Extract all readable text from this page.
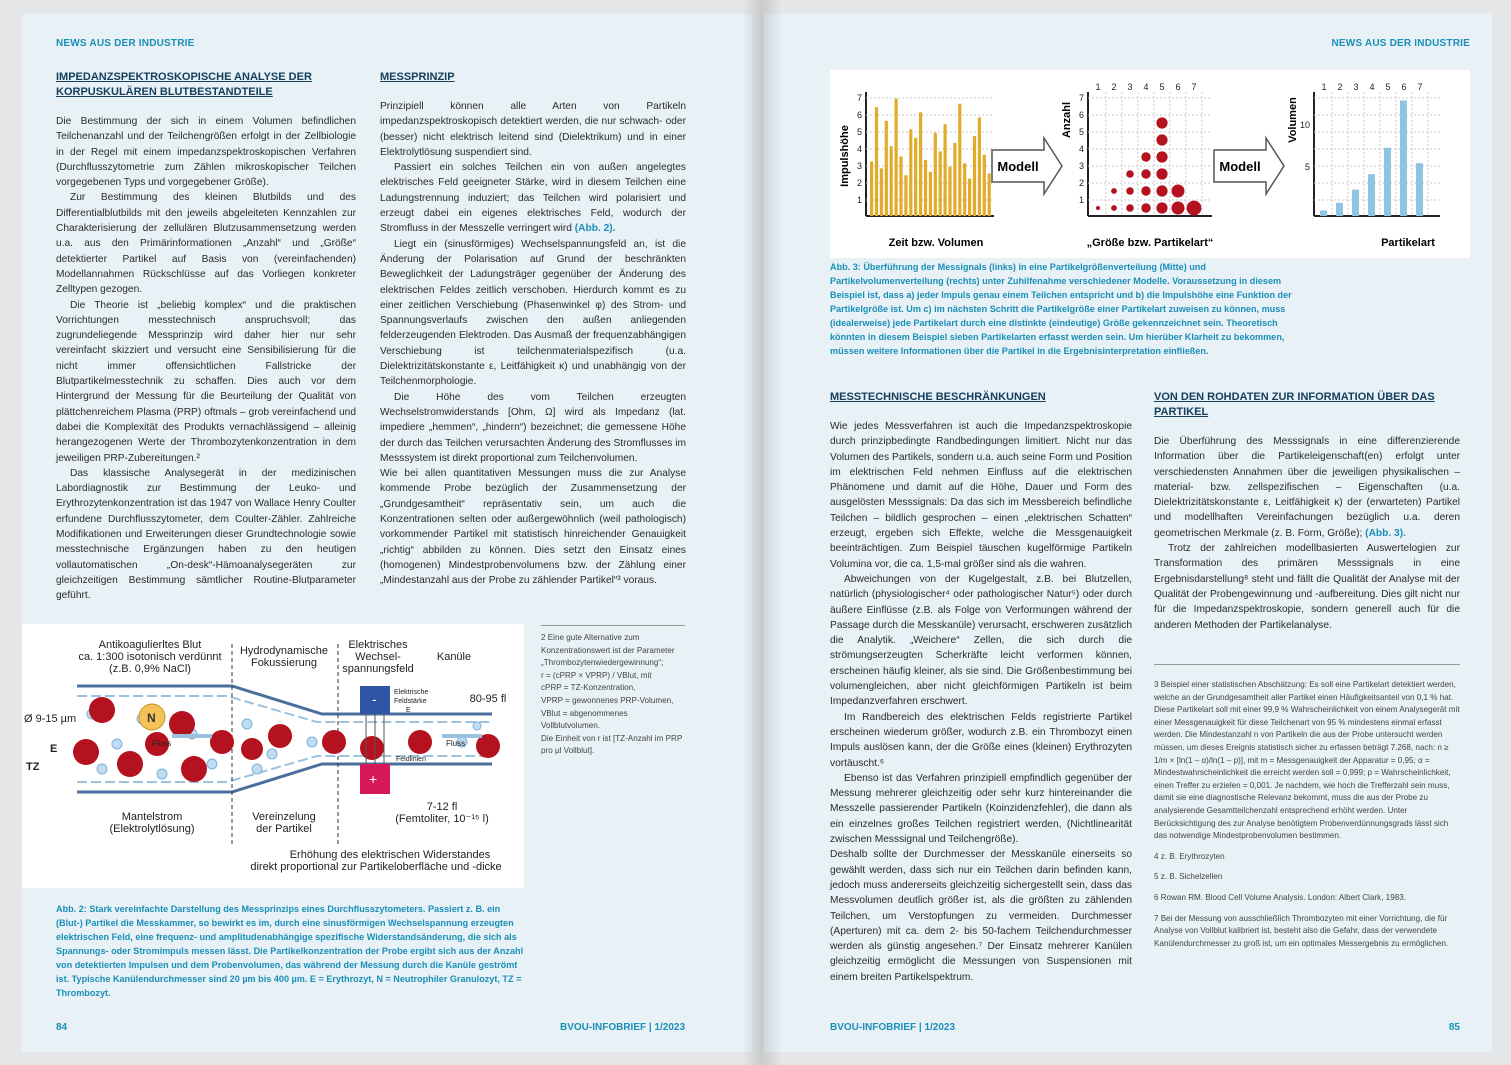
NEWS AUS DER INDUSTRIE
IMPEDANZSPEKTROSKOPISCHE ANALYSE DER KORPUSKULÄREN BLUTBESTANDTEILE

Die Bestimmung der sich in einem Volumen befindlichen Teilchenanzahl und der Teilchengrößen erfolgt in der Zellbiologie in der Regel mit einem impedanzspektroskopischen Verfahren (Durchflusszytometrie zum Zählen mikroskopischer Teilchen vorgegebenen Typs und vorgegebener Größe).

Zur Bestimmung des kleinen Blutbilds und des Differentialblutbilds mit den jeweils abgeleiteten Kennzahlen zur Charakterisierung der zellulären Blutzusammensetzung werden u.a. aus den Primärinformationen „Anzahl“ und „Größe“ detektierter Partikel auf Basis von (vereinfachenden) Modellannahmen Rückschlüsse auf das Vorliegen konkreter Zelltypen gezogen.

Die Theorie ist „beliebig komplex“ und die praktischen Vorrichtungen messtechnisch anspruchsvoll; das zugrundeliegende Messprinzip wird daher hier nur sehr vereinfacht skizziert und versucht eine Sensibilisierung für die nicht immer offensichtlichen Fallstricke der Blutpartikelmesstechnik zu schaffen. Dies auch vor dem Hintergrund der Messung für die Beurteilung der Qualität von plättchenreichem Plasma (PRP) oftmals – grob vereinfachend und dabei die Komplexität des Produkts vernachlässigend – alleinig herangezogenen Werte der Thrombozytenkonzentration in dem jeweiligen PRP-Zubereitungen.²

Das klassische Analysegerät in der medizinischen Labordiagnostik zur Bestimmung der Leuko- und Erythrozytenkonzentration ist das 1947 von Wallace Henry Coulter erfundene Durchflusszytometer, dem Coulter-Zähler. Zahlreiche Modifikationen und Erweiterungen dieser Grundtechnologie sowie messtechnische Ergänzungen haben zu den heutigen vollautomatischen „On-desk“-Hämoanalysegeräten zur gleichzeitigen Bestimmung sämtlicher Routine-Blutparameter geführt.

MESSPRINZIP

Prinzipiell können alle Arten von Partikeln impedanzspektroskopisch detektiert werden, die nur schwach- oder (besser) nicht elektrisch leitend sind (Dielektrikum) und in einer Elektrolytlösung suspendiert sind.

Passiert ein solches Teilchen ein von außen angelegtes elektrisches Feld geeigneter Stärke, wird in diesem Teilchen eine Ladungstrennung induziert; das Teilchen wird polarisiert und erzeugt dabei ein eigenes elektrisches Feld, wodurch der Stromfluss in der Messzelle verringert wird (Abb. 2).

Liegt ein (sinusförmiges) Wechselspannungsfeld an, ist die Änderung der Polarisation auf Grund der beschränkten Beweglichkeit der Ladungsträger gegenüber der Änderung des elektrischen Feldes zeitlich verschoben. Hierdurch kommt es zu einer zeitlichen Verschiebung (Phasenwinkel φ) des Strom- und Spannungsverlaufs zwischen den außen anliegenden felderzeugenden Elektroden. Das Ausmaß der frequenzabhängigen Verschiebung ist teilchenmaterialspezifisch (u.a. Dielektrizitätskonstante ε, Leitfähigkeit κ) und unabhängig von der Teilchenmorphologie.

Die Höhe des vom Teilchen erzeugten Wechselstromwiderstands [Ohm, Ω] wird als Impedanz (lat. impediere „hemmen“, „hindern“) bezeichnet; die gemessene Höhe der durch das Teilchen verursachten Änderung des Stromflusses im Messsystem ist direkt proportional zum Teilchenvolumen.

Wie bei allen quantitativen Messungen muss die zur Analyse kommende Probe bezüglich der Zusammensetzung der „Grundgesamtheit“ repräsentativ sein, um auch die Konzentrationen selten oder außergewöhnlich (weil pathologisch) vorkommender Partikel mit statistisch hinreichender Genauigkeit „richtig“ abbilden zu können. Dies setzt den Einsatz eines (homogenen) Mindestprobenvolumens bzw. der Zählung einer „Mindestanzahl aus der Probe zu zählender Partikel“³ voraus.

N
-
+
Antikoagulierltes Blut
ca. 1:300 isotonisch verdünnt
(z.B. 0,9% NaCl)
Hydrodynamische
Fokussierung
Elektrisches
Wechsel-
spannungsfeld
Kanüle
80-95 fl
7-12 fl
(Femtoliter, 10⁻¹⁵ l)
Mantelstrom
(Elektrolytlösung)
Vereinzelung
der Partikel
Erhöhung des elektrischen Widerstandes
direkt proportional zur Partikeloberfläche und -dicke
Ø 9-15 µm
E
TZ
Fluss	Fluss
Elektrische
Feldstärke
E
Feldlinien
2 Eine gute Alternative zum Konzentrationswert ist der Parameter „Thrombozytenwiedergewinnung“;
r = (cPRP × VPRP) / VBlut, mit
cPRP = TZ-Konzentration,
VPRP = gewonnenes PRP-Volumen,
VBlut = abgenommenes Vollblutvolumen.
Die Einheit von r ist [TZ-Anzahl im PRP pro µl Vollblut].
Abb. 2: Stark vereinfachte Darstellung des Messprinzips eines Durchflusszytometers. Passiert z. B. ein (Blut-) Partikel die Messkammer, so bewirkt es im, durch eine sinusförmigen Wechselspannung erzeugten elektrischen Feld, eine frequenz- und amplitudenabhängige spezifische Widerstandsänderung, die sich als Spannungs- oder Stromimpuls messen lässt. Die Partikelkonzentration der Probe ergibt sich aus der Anzahl von detektierten Impulsen und dem Probenvolumen, das während der Messung durch die Kanüle geströmt ist. Typische Kanülendurchmesser sind 20 µm bis 400 µm. E = Erythrozyt, N = Neutrophiler Granulozyt, TZ = Thrombozyt.
84	BVOU-INFOBRIEF | 1/2023
NEWS AUS DER INDUSTRIE
1
2
3
4
5
6
7
Impulshöhe
Zeit bzw. Volumen
Modell
1
2
3
4
5
6
7
1 2 3 4 5 6 7
Anzahl
„Größe bzw. Partikelart“
Modell	5
10
1 2 3 4 5 6 7
Volumen
Partikelart
Abb. 3: Überführung der Messignals (links) in eine Partikelgrößenverteilung (Mitte) und Partikelvolumenverteilung (rechts) unter Zuhilfenahme verschiedener Modelle. Voraussetzung in diesem Beispiel ist, dass a) jeder Impuls genau einem Teilchen entspricht und b) die Impulshöhe eine Funktion der Partikelgröße ist. Um c) im nächsten Schritt die Partikelgröße einer Partikelart zuweisen zu können, muss (idealerweise) jede Partikelart durch eine distinkte (eindeutige) Größe gekennzeichnet sein. Theoretisch könnten in diesem Beispiel sieben Partikelarten erfasst werden sein. Um hierüber Klarheit zu bekommen, müssen weitere Informationen über die Partikel in die Ergebnisinterpretation einfließen.
MESSTECHNISCHE BESCHRÄNKUNGEN

Wie jedes Messverfahren ist auch die Impedanzspektroskopie durch prinzipbedingte Randbedingungen limitiert. Nicht nur das Volumen des Partikels, sondern u.a. auch seine Form und Position im elektrischen Feld nehmen Einfluss auf die elektrischen Phänomene und damit auf die Höhe, Dauer und Form des ausgelösten Messsignals: Da das sich im Messbereich befindliche Teilchen – bildlich gesprochen – einen „elektrischen Schatten“ erzeugt, ergeben sich Effekte, welche die Messgenauigkeit beeinträchtigen. Zum Beispiel täuschen kugelförmige Partikeln Volumina vor, die ca. 1,5-mal größer sind als die wahren.

Abweichungen von der Kugelgestalt, z.B. bei Blutzellen, natürlich (physiologischer⁴ oder pathologischer Natur⁵) oder durch äußere Einflüsse (z.B. als Folge von Verformungen während der Passage durch die Messkanüle) verursacht, erschweren zusätzlich die Analytik. „Weichere“ Zellen, die sich durch die strömungserzeugten Scherkräfte leicht verformen können, erscheinen häufig kleiner, als sie sind. Die Größenbestimmung bei volumengleichen, aber nicht gleichförmigen Partikeln ist beim Impedanzverfahren erschwert.

Im Randbereich des elektrischen Felds registrierte Partikel erscheinen wiederum größer, wodurch z.B. ein Thrombozyt einen Impuls auslösen kann, der die Größe eines (kleinen) Erythrozyten vortäuscht.⁶

Ebenso ist das Verfahren prinzipiell empfindlich gegenüber der Messung mehrerer gleichzeitig oder sehr kurz hintereinander die Messzelle passierender Partikeln (Koinzidenzfehler), die dann als ein einzelnes großes Teilchen registriert werden, (Nichtlinearität zwischen Messsignal und Teilchengröße).

Deshalb sollte der Durchmesser der Messkanüle einerseits so gewählt werden, dass sich nur ein Teilchen darin befinden kann, jedoch muss andererseits gleichzeitig sichergestellt sein, dass das Messvolumen deutlich größer ist, als die größten zu zählenden Teilchen, um Verstopfungen zu vermeiden. Durchmesser (Aperturen) mit ca. dem 2- bis 50-fachem Teilchendurchmesser werden als günstig angesehen.⁷ Der Einsatz mehrerer Kanülen gleichzeitig ermöglicht die Messungen von Suspensionen mit einem breiten Partikelspektrum.

VON DEN ROHDATEN ZUR INFORMATION ÜBER DAS PARTIKEL

Die Überführung des Messsignals in eine differenzierende Information über die Partikeleigenschaft(en) erfolgt unter verschiedensten Annahmen über die jeweiligen physikalischen – material- bzw. zellspezifischen – Eigenschaften (u.a. Dielektrizitätskonstante ε, Leitfähigkeit κ) der (erwarteten) Partikel und modellhaften Vereinfachungen bezüglich u.a. deren geometrischen Merkmale (z. B. Form, Größe); (Abb. 3).

Trotz der zahlreichen modellbasierten Auswertelogien zur Transformation des primären Messsignals in eine Ergebnisdarstellung⁸ steht und fällt die Qualität der Analyse mit der Qualität der Probengewinnung und -aufbereitung. Dies gilt nicht nur für die Impedanzspektroskopie, sondern generell auch für die anderen Methoden der Partikelanalyse.

3 Beispiel einer statistischen Abschätzung: Es soll eine Partikelart detektiert werden, welche an der Grundgesamtheit aller Partikel einen Häufigkeitsanteil von 0,1 % hat. Diese Partikelart soll mit einer 99,9 % Wahrscheinlichkeit von einem Analysegerät mit einer Messgenauigkeit für diese Teilchenart von 95 % mindestens einmal erfasst werden. Die Mindestanzahl n von Partikeln die aus der Probe untersucht werden müssen, um dieses Ereignis statistisch sicher zu erfassen beträgt 7.268, nach: n ≥ 1/m × [ln(1 – α)/ln(1 – p)], mit m = Messgenauigkeit der Apparatur = 0,95; α = Mindestwahrscheinlichkeit die erreicht werden soll = 0,999; p = Wahrscheinlichkeit, einen Treffer zu erzielen = 0,001. Je nachdem, wie hoch die Trefferzahl sein muss, damit sie eine diagnostische Relevanz bekommt, muss die aus der Probe zu analysierende Gesamtteilchenzahl entsprechend erhöht werden. Unter Berücksichtigung des zur Analyse benötigtem Probenverdünnungsgrads lässt sich das notwendige Mindestprobenvolumen bestimmen.

4 z. B. Erythrozyten

5 z. B. Sichelzellen

6 Rowan RM. Blood Cell Volume Analysis. London: Albert Clark, 1983.

7 Bei der Messung von ausschließlich Thrombozyten mit einer Vorrichtung, die für Analyse von Vollblut kalibriert ist, besteht also die Gefahr, dass der verwendete Kanülendurchmesser zu groß ist, um ein optimales Messergebnis zu ermöglichen.

BVOU-INFOBRIEF | 1/2023	85
